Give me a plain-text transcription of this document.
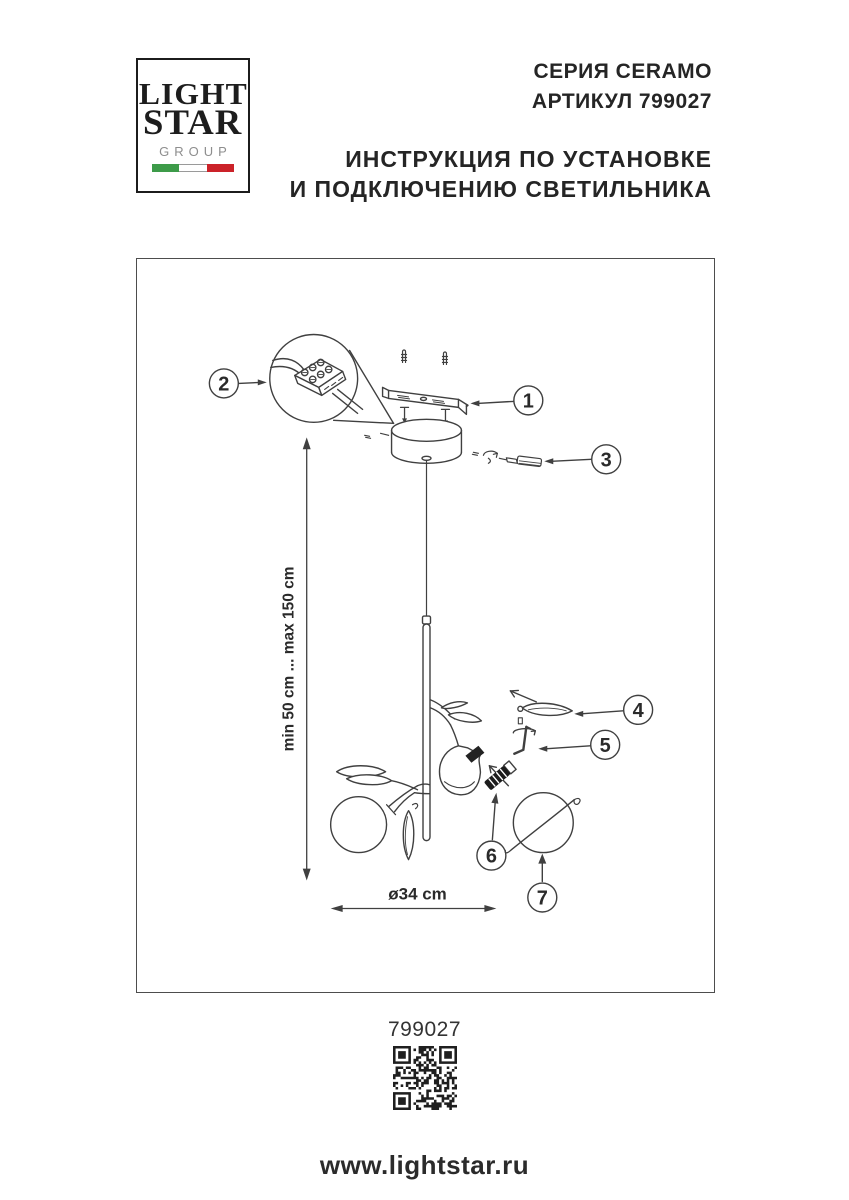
LIGHT
STAR
GROUP
СЕРИЯ CERAMO
АРТИКУЛ 799027
ИНСТРУКЦИЯ ПО УСТАНОВКЕ
И ПОДКЛЮЧЕНИЮ СВЕТИЛЬНИКА
2
1
3
min 50 cm ... max 150 cm
6
4
5
7
ø34 cm
799027
www.lightstar.ru
